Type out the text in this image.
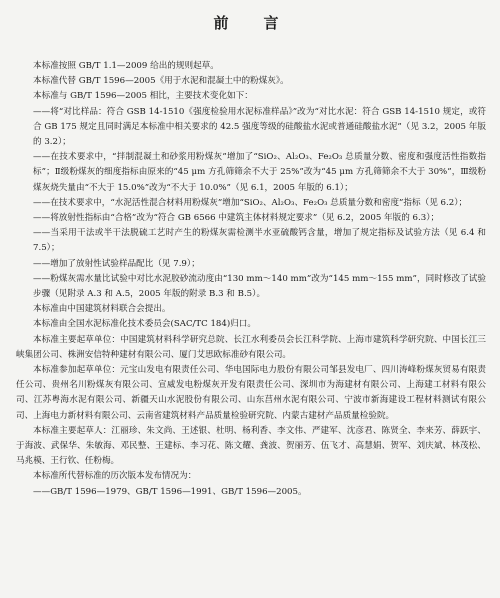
前　言

本标准按照 GB/T 1.1—2009 给出的规则起草。

本标准代替 GB/T 1596—2005《用于水泥和混凝土中的粉煤灰》。

本标准与 GB/T 1596—2005 相比，主要技术变化如下：

——将“对比样品：符合 GSB 14-1510《强度检验用水泥标准样品》”改为“对比水泥：符合 GSB 14-1510 规定，或符合 GB 175 规定且同时满足本标准中相关要求的 42.5 强度等级的硅酸盐水泥或普通硅酸盐水泥”（见 3.2，2005 年版的 3.2）；

——在技术要求中，“拌制混凝土和砂浆用粉煤灰”增加了“SiO₂、Al₂O₃、Fe₂O₃ 总质量分数、密度和强度活性指数指标”；Ⅱ级粉煤灰的细度指标由原来的“45 μm 方孔筛筛余不大于 25%”改为“45 μm 方孔筛筛余不大于 30%”，Ⅲ级粉煤灰烧失量由“不大于 15.0%”改为“不大于 10.0%”（见 6.1，2005 年版的 6.1）；

——在技术要求中，“水泥活性混合材料用粉煤灰”增加“SiO₂、Al₂O₃、Fe₂O₃ 总质量分数和密度”指标（见 6.2）；

——将放射性指标由“合格”改为“符合 GB 6566 中建筑主体材料规定要求”（见 6.2，2005 年版的 6.3）；

——当采用干法或半干法脱硫工艺时产生的粉煤灰需检测半水亚硫酸钙含量，增加了规定指标及试验方法（见 6.4 和 7.5）；

——增加了放射性试验样品配比（见 7.9）；

——粉煤灰需水量比试验中对比水泥胶砂流动度由“130 mm～140 mm”改为“145 mm～155 mm”，同时修改了试验步骤（见附录 A.3 和 A.5，2005 年版的附录 B.3 和 B.5）。

本标准由中国建筑材料联合会提出。

本标准由全国水泥标准化技术委员会(SAC/TC 184)归口。

本标准主要起草单位：中国建筑材料科学研究总院、长江水利委员会长江科学院、上海市建筑科学研究院、中国长江三峡集团公司、株洲安信特种建材有限公司、厦门艾思欧标准砂有限公司。

本标准参加起草单位：元宝山发电有限责任公司、华电国际电力股份有限公司邹县发电厂、四川涛峰粉煤灰贸易有限责任公司、贵州名川粉煤灰有限公司、宣威发电粉煤灰开发有限责任公司、深圳市为海建材有限公司、上海建工材料有限公司、江苏粤海水泥有限公司、新疆天山水泥股份有限公司、山东莒州水泥有限公司、宁波市新海建设工程材料测试有限公司、上海电力新材料有限公司、云南省建筑材料产品质量检验研究院、内蒙古建材产品质量检验院。

本标准主要起草人：江丽珍、朱文尚、王述银、杜明、杨利香、李文伟、严建军、沈彦君、陈贤全、李来芳、薛跃宇、于海波、武保华、朱敏海、邓民整、王建标、李习花、陈文耀、龚波、贺丽芳、伍飞才、高慧娟、贺军、刘庆斌、林茂松、马兆模、王行钦、任粉梅。

本标准所代替标准的历次版本发布情况为：

——GB/T 1596—1979、GB/T 1596—1991、GB/T 1596—2005。
